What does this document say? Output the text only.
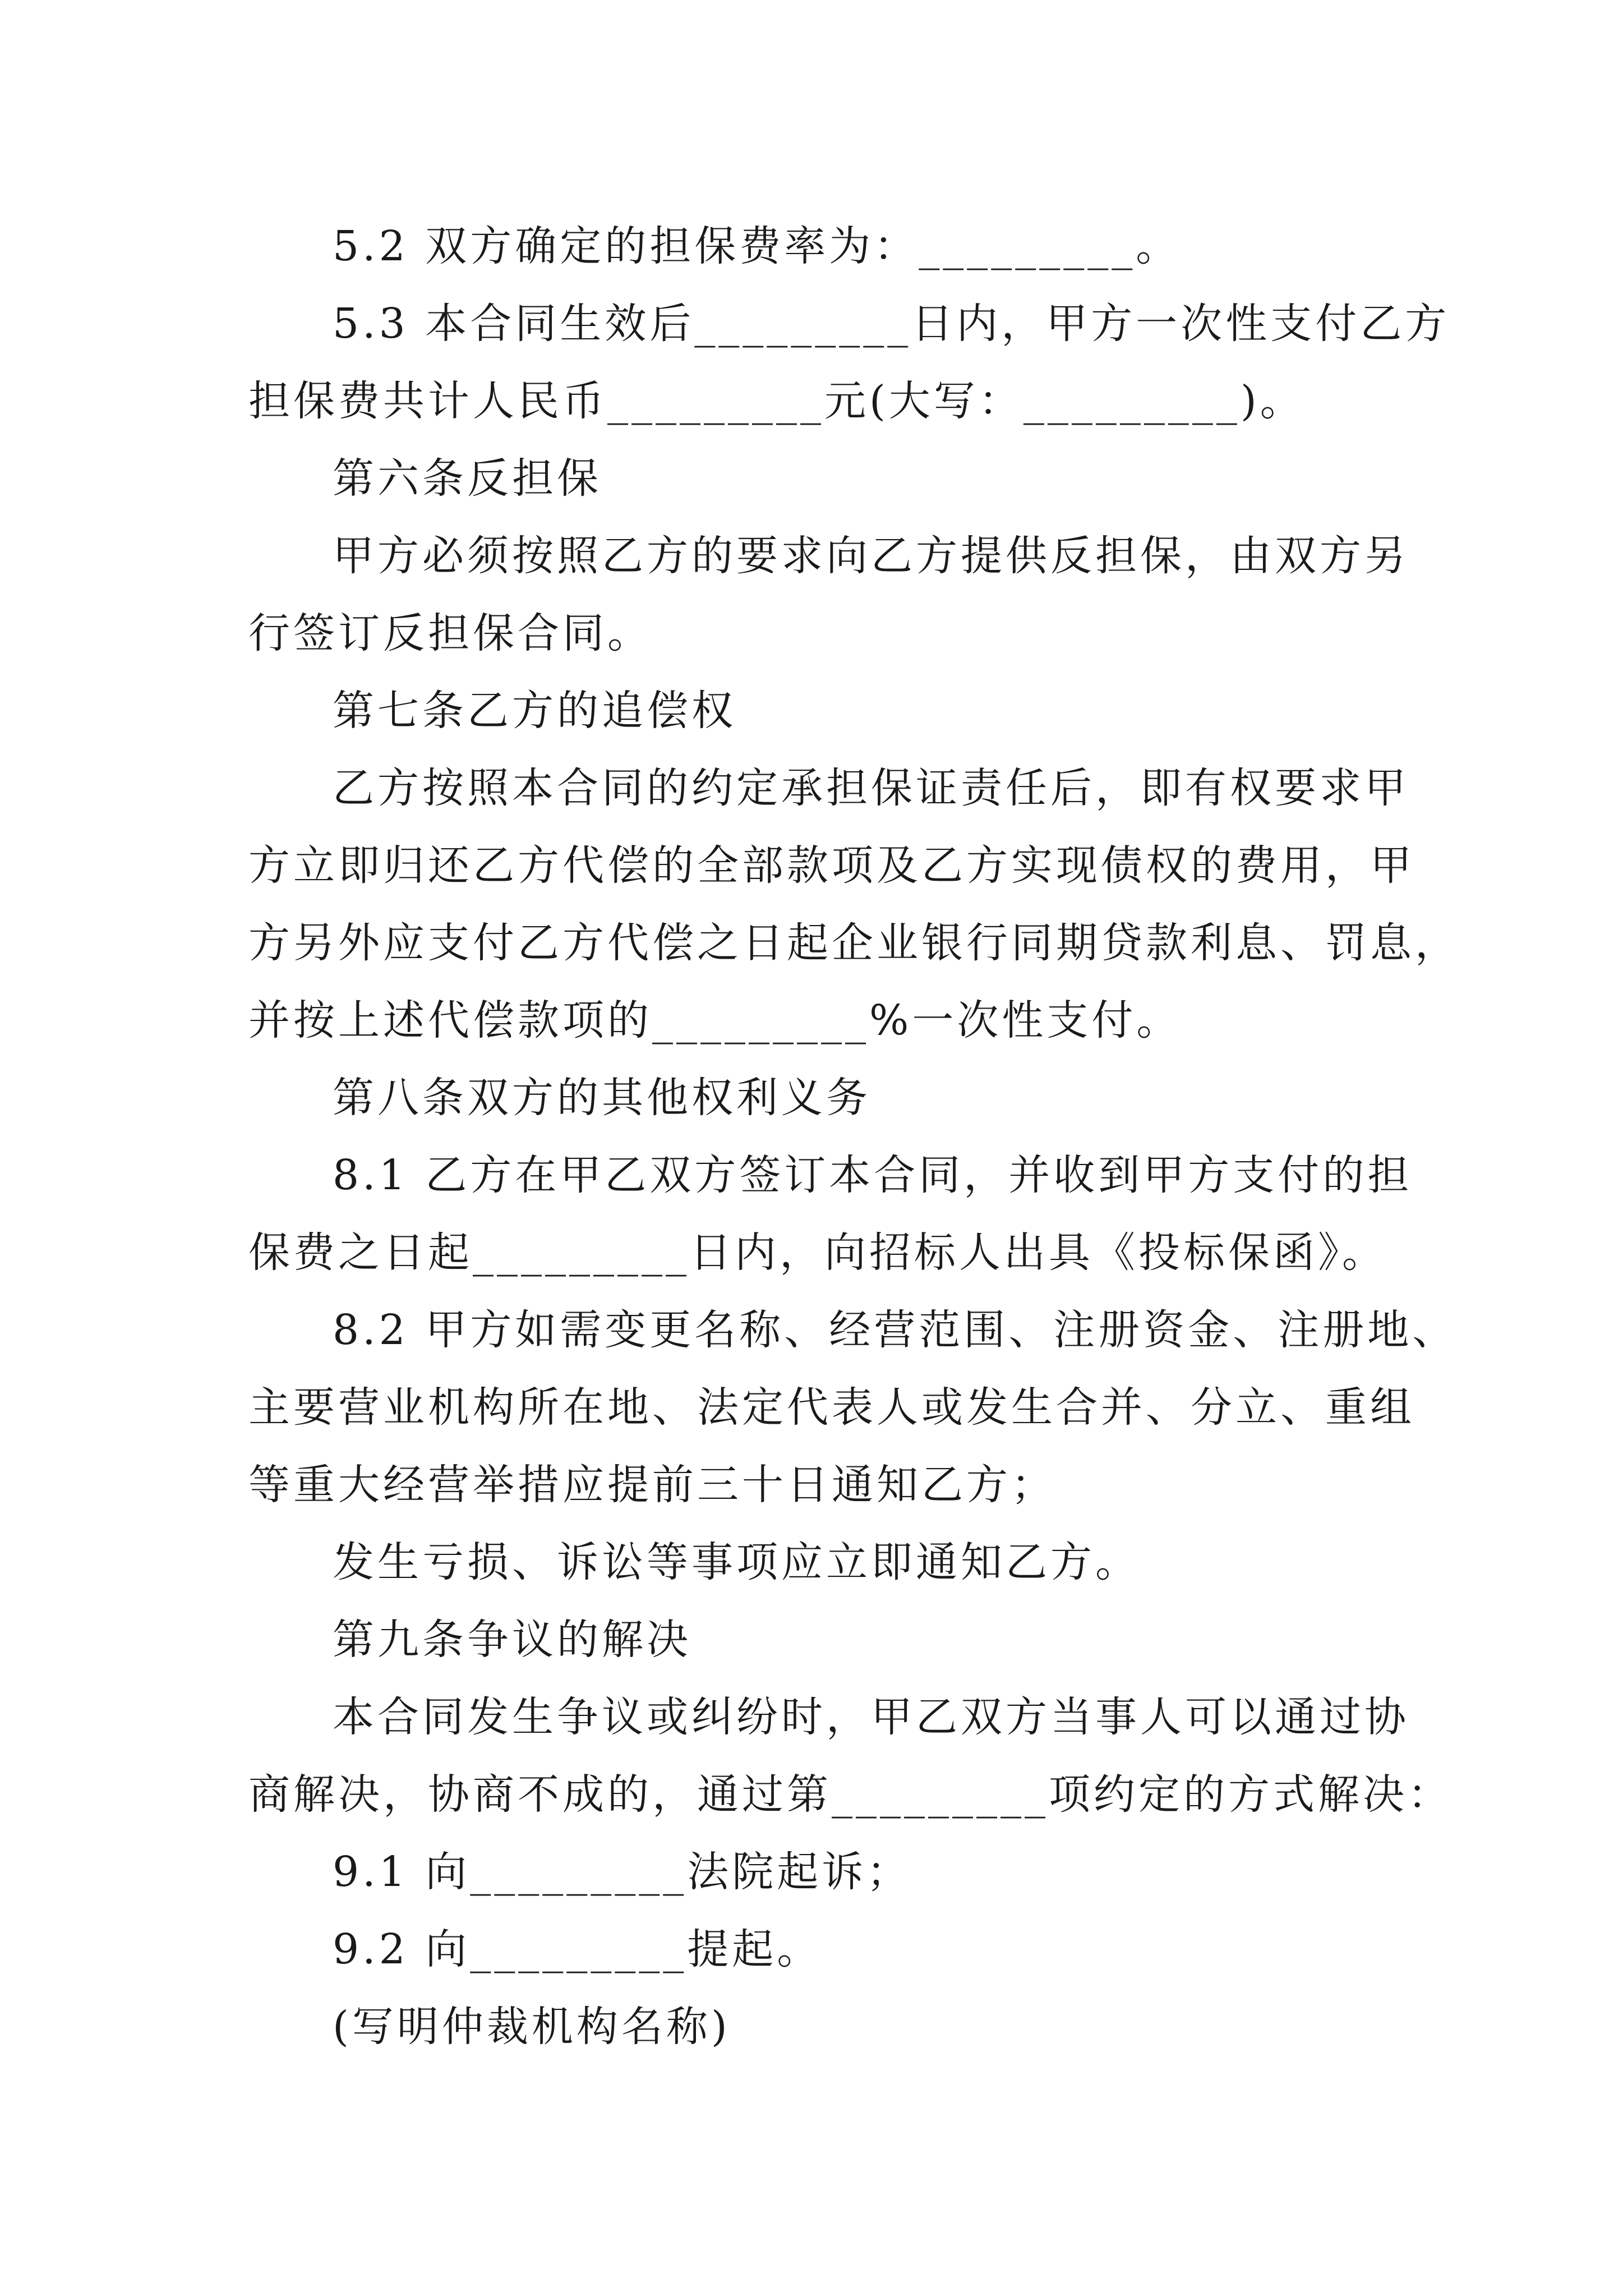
5.2 双方确定的担保费率为：_________。
5.3 本合同生效后_________日内，甲方一次性支付乙方
担保费共计人民币_________元(大写：_________)。
第六条反担保
甲方必须按照乙方的要求向乙方提供反担保，由双方另
行签订反担保合同。
第七条乙方的追偿权
乙方按照本合同的约定承担保证责任后，即有权要求甲
方立即归还乙方代偿的全部款项及乙方实现债权的费用，甲
方另外应支付乙方代偿之日起企业银行同期贷款利息、罚息，
并按上述代偿款项的_________%一次性支付。
第八条双方的其他权利义务
8.1 乙方在甲乙双方签订本合同，并收到甲方支付的担
保费之日起_________日内，向招标人出具《投标保函》。
8.2 甲方如需变更名称、经营范围、注册资金、注册地、
主要营业机构所在地、法定代表人或发生合并、分立、重组
等重大经营举措应提前三十日通知乙方；
发生亏损、诉讼等事项应立即通知乙方。
第九条争议的解决
本合同发生争议或纠纷时，甲乙双方当事人可以通过协
商解决，协商不成的，通过第_________项约定的方式解决：
9.1 向_________法院起诉；
9.2 向_________提起。
(写明仲裁机构名称)
